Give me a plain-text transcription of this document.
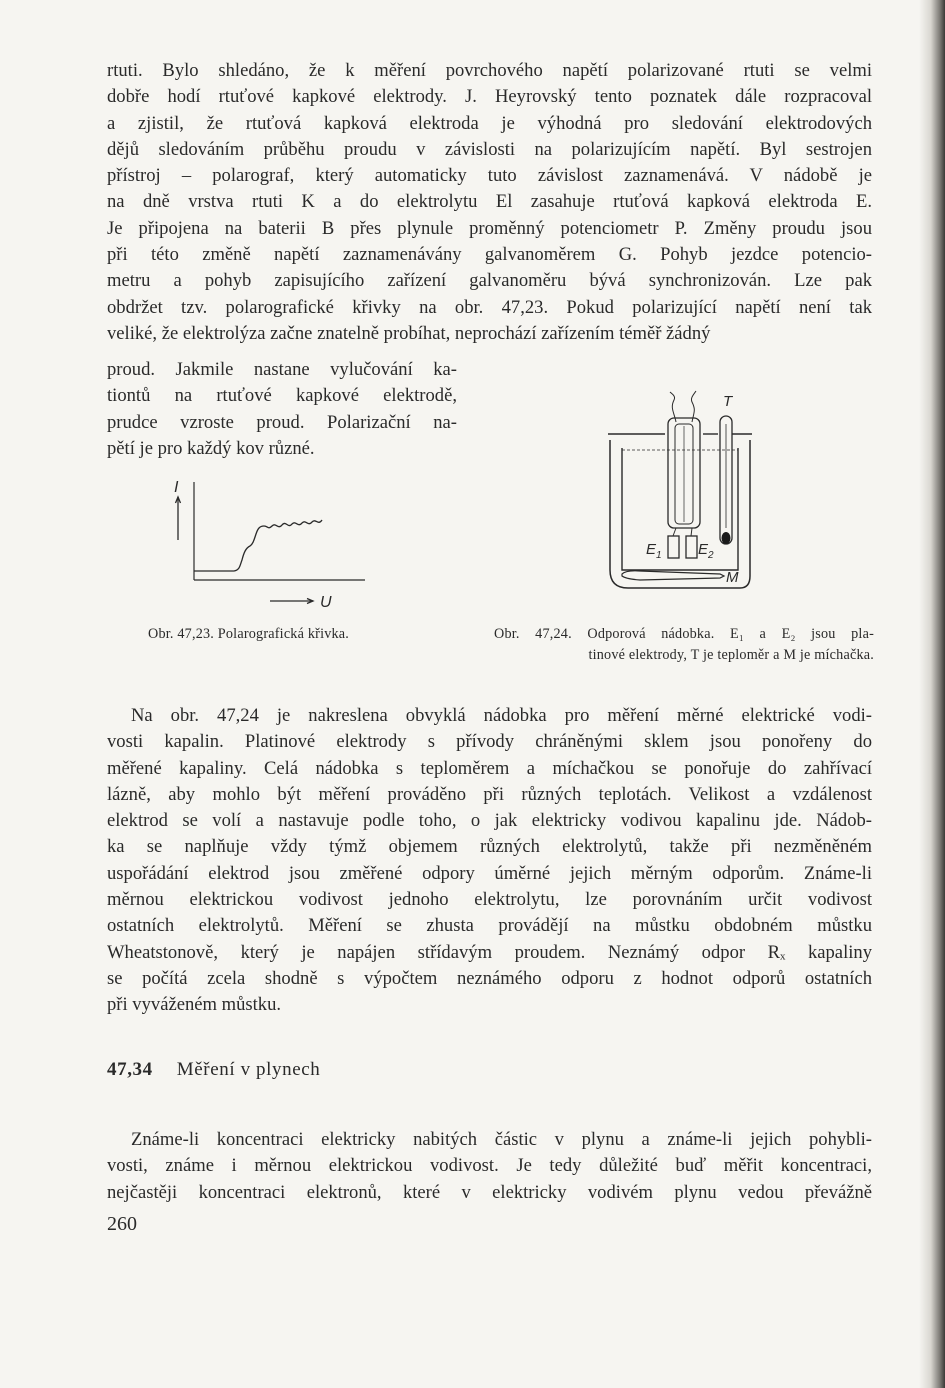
rtuti. Bylo shledáno, že k měření povrchového napětí polarizované rtuti se velmi
dobře hodí rtuťové kapkové elektrody. J. Heyrovský tento poznatek dále rozpracoval
a zjistil, že rtuťová kapková elektroda je výhodná pro sledování elektrodových
dějů sledováním průběhu proudu v závislosti na polarizujícím napětí. Byl sestrojen
přístroj – polarograf, který automaticky tuto závislost zaznamenává. V nádobě je
na dně vrstva rtuti K a do elektrolytu El zasahuje rtuťová kapková elektroda E.
Je připojena na baterii B přes plynule proměnný potenciometr P. Změny proudu jsou
při této změně napětí zaznamenávány galvanoměrem G. Pohyb jezdce potencio-
metru a pohyb zapisujícího zařízení galvanoměru bývá synchronizován. Lze pak
obdržet tzv. polarografické křivky na obr. 47,23. Pokud polarizující napětí není tak
veliké, že elektrolýza začne znatelně probíhat, neprochází zařízením téměř žádný
proud. Jakmile nastane vylučování ka-
tiontů na rtuťové kapkové elektrodě,
prudce vzroste proud. Polarizační na-
pětí je pro každý kov různé.
I
U
Obr. 47,23. Polarografická křivka.
T
$E_1$ $E_2$
M
Obr. 47,24. Odporová nádobka. E₁ a E₂ jsou pla-
tinové elektrody, T je teploměr a M je míchačka.
Na obr. 47,24 je nakreslena obvyklá nádobka pro měření měrné elektrické vodi-
vosti kapalin. Platinové elektrody s přívody chráněnými sklem jsou ponořeny do
měřené kapaliny. Celá nádobka s teploměrem a míchačkou se ponořuje do zahřívací
lázně, aby mohlo být měření prováděno při různých teplotách. Velikost a vzdálenost
elektrod se volí a nastavuje podle toho, o jak elektricky vodivou kapalinu jde. Nádob-
ka se naplňuje vždy týmž objemem různých elektrolytů, takže při nezměněném
uspořádání elektrod jsou změřené odpory úměrné jejich měrným odporům. Známe-li
měrnou elektrickou vodivost jednoho elektrolytu, lze porovnáním určit vodivost
ostatních elektrolytů. Měření se zhusta provádějí na můstku obdobném můstku
Wheatstonově, který je napájen střídavým proudem. Neznámý odpor Rₓ kapaliny
se počítá zcela shodně s výpočtem neznámého odporu z hodnot odporů ostatních
při vyváženém můstku.
47,34 Měření v plynech
Známe-li koncentraci elektricky nabitých částic v plynu a známe-li jejich pohybli-
vosti, známe i měrnou elektrickou vodivost. Je tedy důležité buď měřit koncentraci,
nejčastěji koncentraci elektronů, které v elektricky vodivém plynu vedou převážně
260
